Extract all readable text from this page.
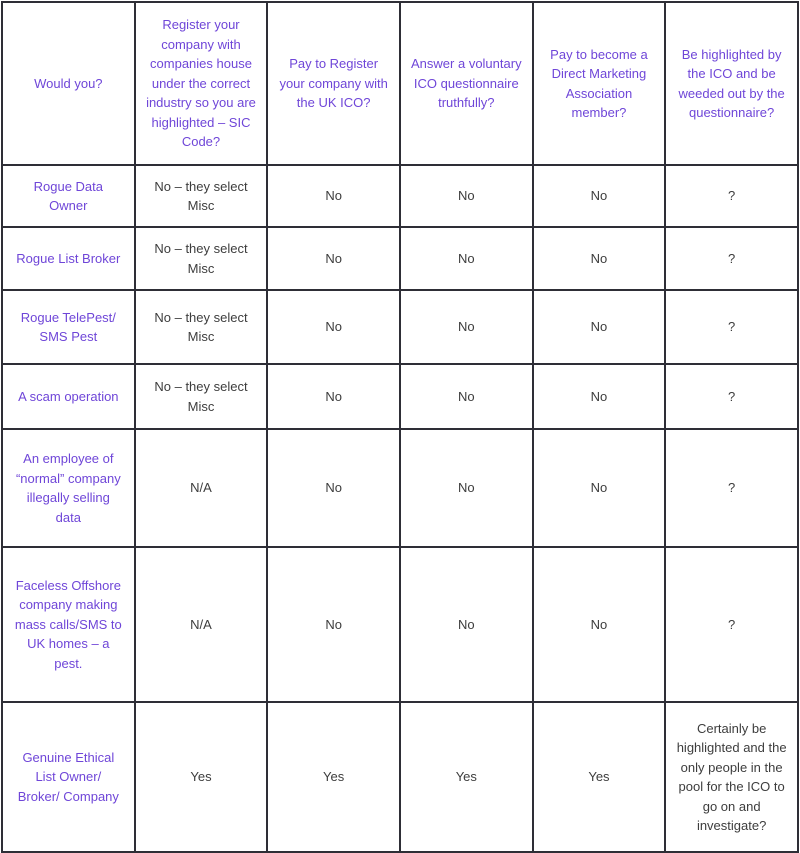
Would you?	Register your company with companies house under the correct industry so you are highlighted – SIC Code?	Pay to Register your company with the UK ICO?	Answer a voluntary ICO questionnaire truthfully?	Pay to become a Direct Marketing Association member?	Be highlighted by the ICO and be weeded out by the questionnaire?
Rogue Data Owner	No – they select Misc	No	No	No	?
Rogue List Broker	No – they select Misc	No	No	No	?
Rogue TelePest/ SMS Pest	No – they select Misc	No	No	No	?
A scam operation	No – they select Misc	No	No	No	?
An employee of “normal” company illegally selling data	N/A	No	No	No	?
Faceless Offshore company making mass calls/SMS to UK homes – a pest.	N/A	No	No	No	?
Genuine Ethical List Owner/ Broker/ Company	Yes	Yes	Yes	Yes	Certainly be highlighted and the only people in the pool for the ICO to go on and investigate?
